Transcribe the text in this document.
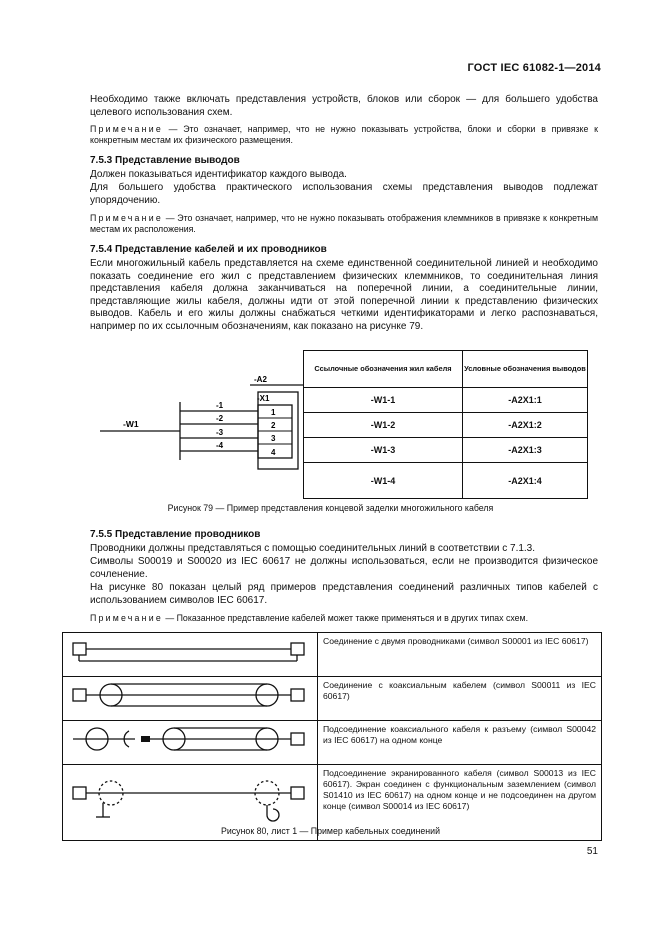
ГОСТ IEC 61082-1—2014
Необходимо также включать представления устройств, блоков или сборок — для большего удобства целевого использования схем.
Примечание — Это означает, например, что не нужно показывать устройства, блоки и сборки в привязке к конкретным местам их физического размещения.
7.5.3 Представление выводов
Должен показываться идентификатор каждого вывода.
Для большего удобства практического использования схемы представления выводов подлежат упорядочению.
Примечание — Это означает, например, что не нужно показывать отображения клеммников в привязке к конкретным местам их расположения.
7.5.4 Представление кабелей и их проводников
Если многожильный кабель представляется на схеме единственной соединительной линией и необходимо показать соединение его жил с представлением физических клеммников, то соединительная линия представления кабеля должна заканчиваться на поперечной линии, а соединительные линии, представляющие жилы кабеля, должны идти от этой поперечной линии к представлению физических выводов. Кабель и его жилы должны снабжаться четкими идентификаторами и легко распознаваться, например по их ссылочным обозначениям, как показано на рисунке 79.
-W1
-1
-2
-3
-4
-A2
-X1
1
2
3
4
Ссылочные обозначения жил кабеля	Условные обозначения выводов
-W1-1	-A2X1:1
-W1-2	-A2X1:2
-W1-3	-A2X1:3
-W1-4	-A2X1:4
Рисунок 79 — Пример представления концевой заделки многожильного кабеля
7.5.5 Представление проводников
Проводники должны представляться с помощью соединительных линий в соответствии с 7.1.3.
Символы S00019 и S00020 из IEC 60617 не должны использоваться, если не производится физическое сочленение.
На рисунке 80 показан целый ряд примеров представления соединений различных типов кабелей с использованием символов IEC 60617.
Примечание — Показанное представление кабелей может также применяться и в других типах схем.
	Соединение с двумя проводниками (символ S00001 из IEC 60617)
	Соединение с коаксиальным кабелем (символ S00011 из IEC 60617)
	Подсоединение коаксиального кабеля к разъему (символ S00042 из IEC 60617) на одном конце
	Подсоединение экранированного кабеля (символ S00013 из IEC 60617). Экран соединен с функциональным заземлением (символ S01410 из IEC 60617) на одном конце и не подсоединен на другом конце (символ S00014 из IEC 60617)
Рисунок 80, лист 1 — Пример кабельных соединений
51
